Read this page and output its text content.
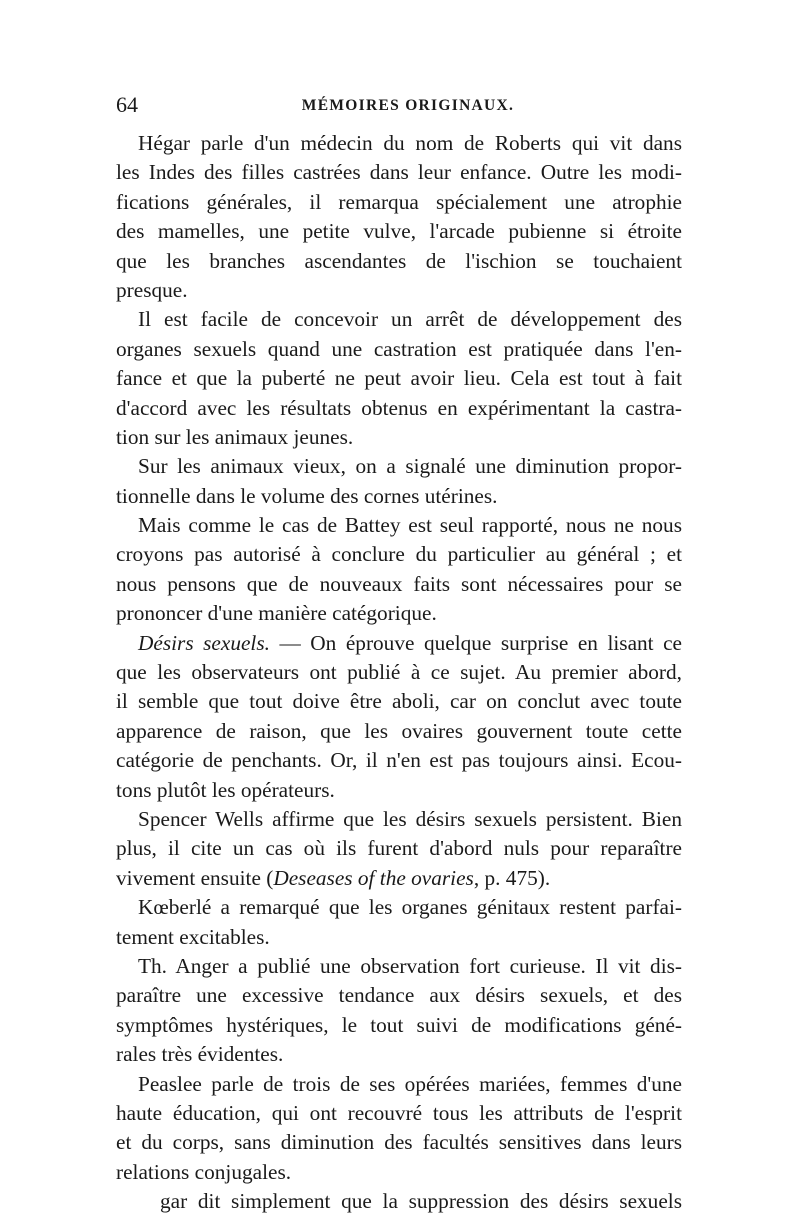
64	MÉMOIRES ORIGINAUX.
Hégar parle d'un médecin du nom de Roberts qui vit dans
les Indes des filles castrées dans leur enfance. Outre les modi-
fications générales, il remarqua spécialement une atrophie
des mamelles, une petite vulve, l'arcade pubienne si étroite
que les branches ascendantes de l'ischion se touchaient
presque.
Il est facile de concevoir un arrêt de développement des
organes sexuels quand une castration est pratiquée dans l'en-
fance et que la puberté ne peut avoir lieu. Cela est tout à fait
d'accord avec les résultats obtenus en expérimentant la castra-
tion sur les animaux jeunes.
Sur les animaux vieux, on a signalé une diminution propor-
tionnelle dans le volume des cornes utérines.
Mais comme le cas de Battey est seul rapporté, nous ne nous
croyons pas autorisé à conclure du particulier au général ; et
nous pensons que de nouveaux faits sont nécessaires pour se
prononcer d'une manière catégorique.
Désirs sexuels. — On éprouve quelque surprise en lisant ce
que les observateurs ont publié à ce sujet. Au premier abord,
il semble que tout doive être aboli, car on conclut avec toute
apparence de raison, que les ovaires gouvernent toute cette
catégorie de penchants. Or, il n'en est pas toujours ainsi. Ecou-
tons plutôt les opérateurs.
Spencer Wells affirme que les désirs sexuels persistent. Bien
plus, il cite un cas où ils furent d'abord nuls pour reparaître
vivement ensuite (Deseases of the ovaries, p. 475).
Kœberlé a remarqué que les organes génitaux restent parfai-
tement excitables.
Th. Anger a publié une observation fort curieuse. Il vit dis-
paraître une excessive tendance aux désirs sexuels, et des
symptômes hystériques, le tout suivi de modifications géné-
rales très évidentes.
Peaslee parle de trois de ses opérées mariées, femmes d'une
haute éducation, qui ont recouvré tous les attributs de l'esprit
et du corps, sans diminution des facultés sensitives dans leurs
relations conjugales.
gar dit simplement que la suppression des désirs sexuels
